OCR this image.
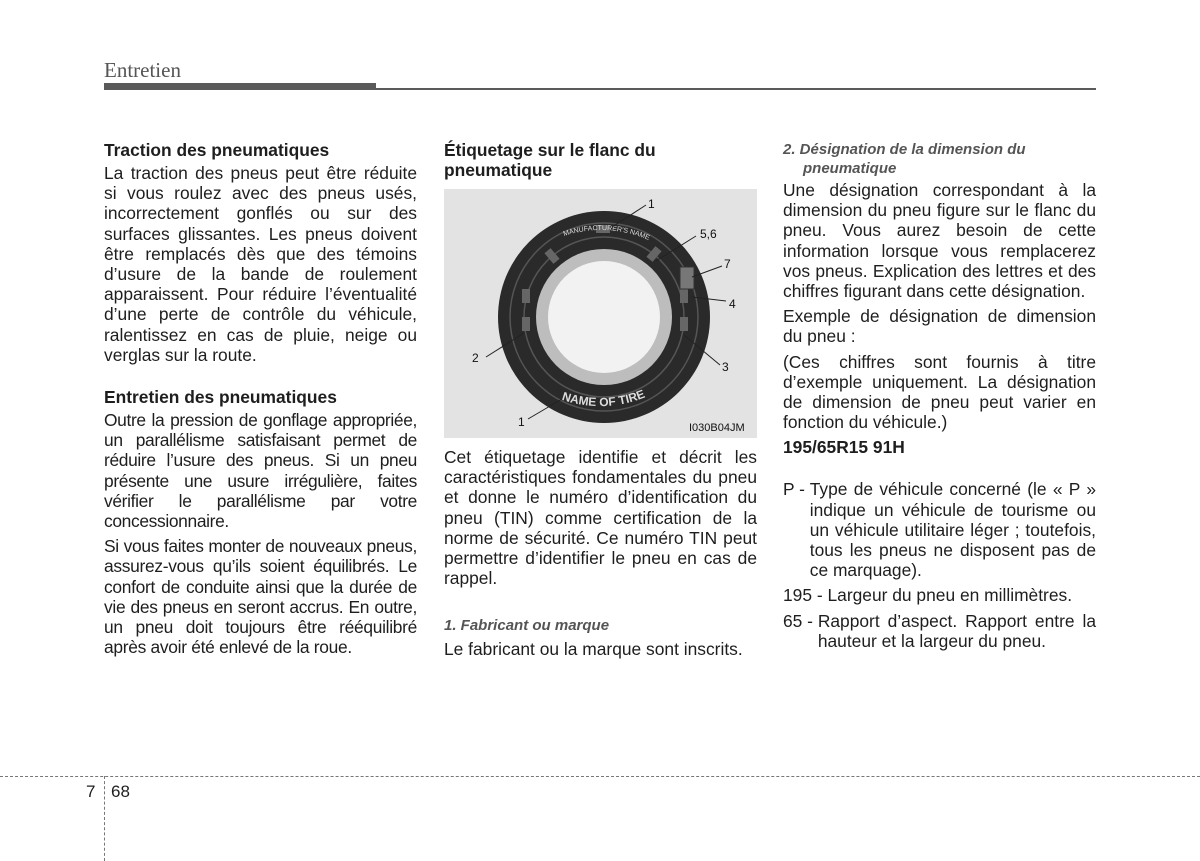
Entretien

Traction des pneumatiques

La traction des pneus peut être réduite si vous roulez avec des pneus usés, incorrectement gonflés ou sur des surfaces glissantes. Les pneus doivent être remplacés dès que des témoins d’usure de la bande de roulement apparaissent. Pour réduire l’éventualité d’une perte de contrôle du véhicule, ralentissez en cas de pluie, neige ou verglas sur la route.

Entretien des pneumatiques

Outre la pression de gonflage appropriée, un parallélisme satisfaisant permet de réduire l’usure des pneus. Si un pneu présente une usure irrégulière, faites vérifier le parallélisme par votre concessionnaire.

Si vous faites monter de nouveaux pneus, assurez-vous qu’ils soient équilibrés. Le confort de conduite ainsi que la durée de vie des pneus en seront accrus. En outre, un pneu doit toujours être rééquilibré après avoir été enlevé de la roue.

Étiquetage sur le flanc du pneumatique

MANUFACTURER'S NAME
NAME OF TIRE
1
5,6
7
4
3
2
1	I030B04JM

Cet étiquetage identifie et décrit les caractéristiques fondamentales du pneu et donne le numéro d’identification du pneu (TIN) comme certification de la norme de sécurité. Ce numéro TIN peut permettre d’identifier le pneu en cas de rappel.

1. Fabricant ou marque

Le fabricant ou la marque sont inscrits.

2. Désignation de la dimension du

pneumatique

Une désignation correspondant à la dimension du pneu figure sur le flanc du pneu. Vous aurez besoin de cette information lorsque vous remplacerez vos pneus. Explication des lettres et des chiffres figurant dans cette désignation.

Exemple de désignation de dimension du pneu :

(Ces chiffres sont fournis à titre d’exemple uniquement. La désignation de dimension de pneu peut varier en fonction du véhicule.)

195/65R15 91H

P - Type de véhicule concerné (le « P » indique un véhicule de tourisme ou un véhicule utilitaire léger ; toutefois, tous les pneus ne disposent pas de ce marquage).
195 - Largeur du pneu en millimètres.
65 - Rapport d’aspect. Rapport entre la hauteur et la largeur du pneu.
7 68
